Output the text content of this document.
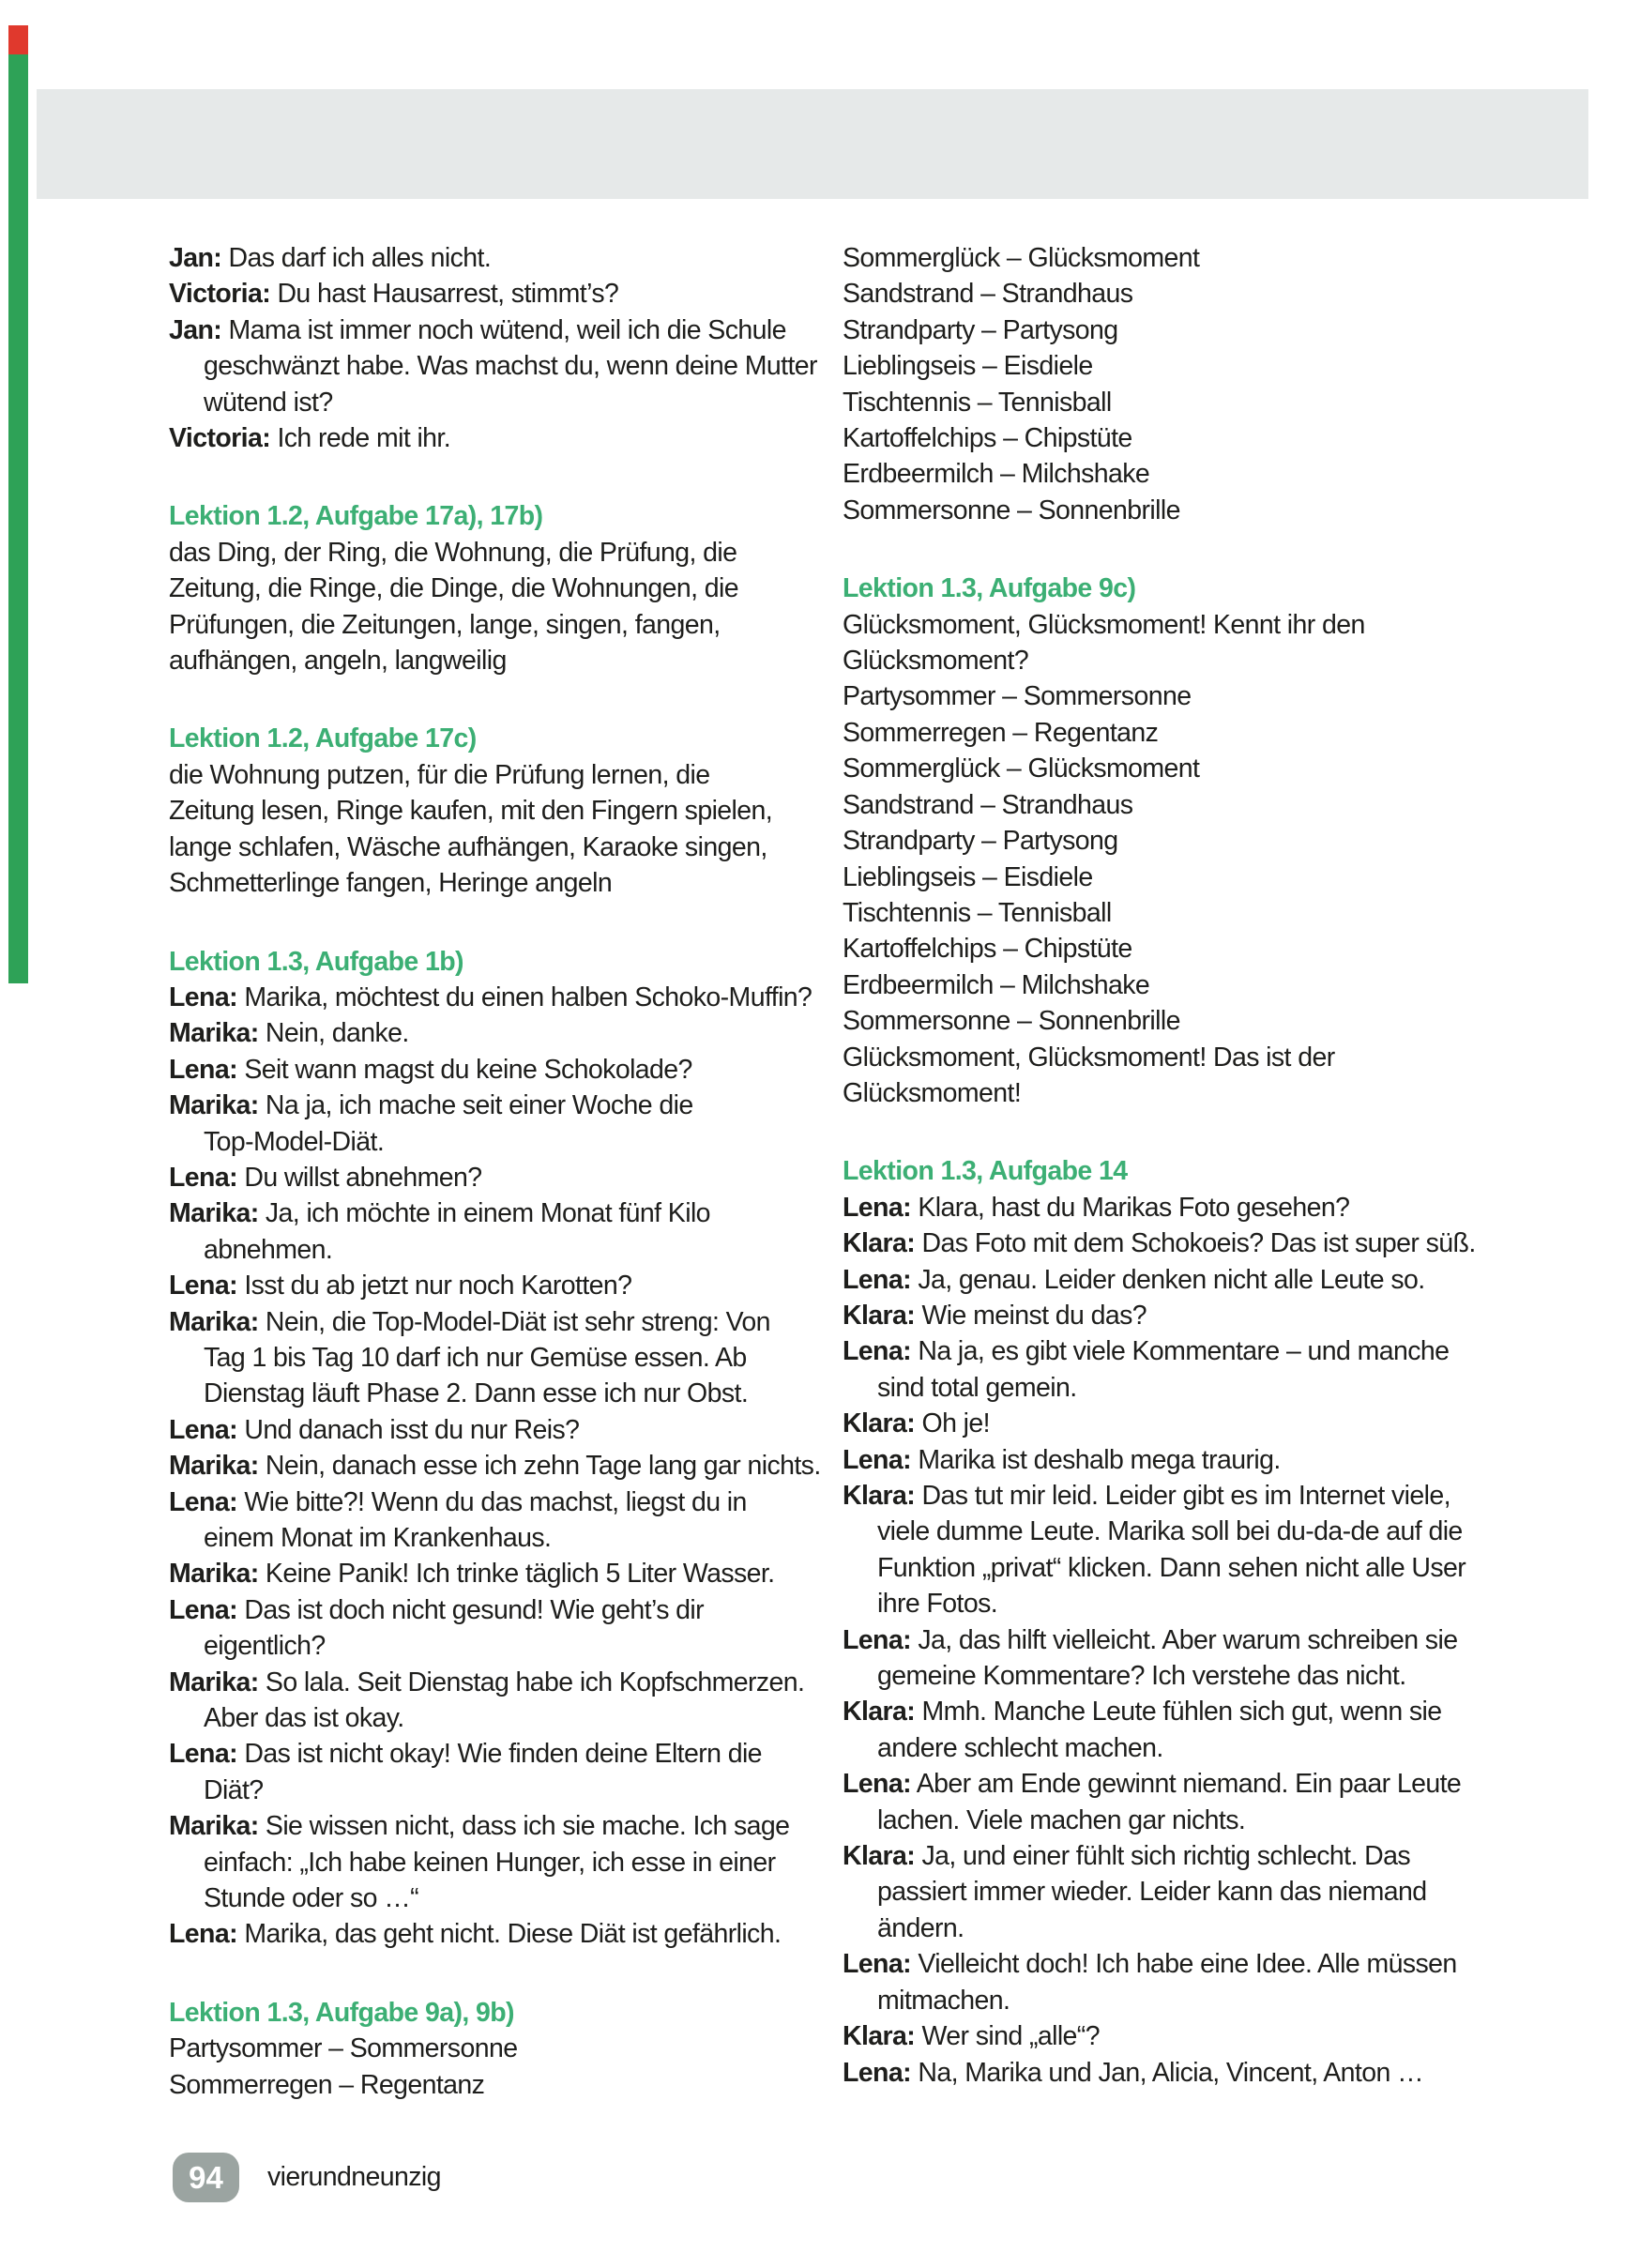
Jan: Das darf ich alles nicht.

Victoria: Du hast Hausarrest, stimmt’s?

Jan: Mama ist immer noch wütend, weil ich die Schule

geschwänzt habe. Was machst du, wenn deine Mutter

wütend ist?

Victoria: Ich rede mit ihr.

Lektion 1.2, Aufgabe 17a), 17b)

das Ding, der Ring, die Wohnung, die Prüfung, die

Zeitung, die Ringe, die Dinge, die Wohnungen, die

Prüfungen, die Zeitungen, lange, singen, fangen,

aufhängen, angeln, langweilig

Lektion 1.2, Aufgabe 17c)

die Wohnung putzen, für die Prüfung lernen, die

Zeitung lesen, Ringe kaufen, mit den Fingern spielen,

lange schlafen, Wäsche aufhängen, Karaoke singen,

Schmetterlinge fangen, Heringe angeln

Lektion 1.3, Aufgabe 1b)

Lena: Marika, möchtest du einen halben Schoko-Muffin?

Marika: Nein, danke.

Lena: Seit wann magst du keine Schokolade?

Marika: Na ja, ich mache seit einer Woche die

Top-Model-Diät.

Lena: Du willst abnehmen?

Marika: Ja, ich möchte in einem Monat fünf Kilo

abnehmen.

Lena: Isst du ab jetzt nur noch Karotten?

Marika: Nein, die Top-Model-Diät ist sehr streng: Von

Tag 1 bis Tag 10 darf ich nur Gemüse essen. Ab

Dienstag läuft Phase 2. Dann esse ich nur Obst.

Lena: Und danach isst du nur Reis?

Marika: Nein, danach esse ich zehn Tage lang gar nichts.

Lena: Wie bitte?! Wenn du das machst, liegst du in

einem Monat im Krankenhaus.

Marika: Keine Panik! Ich trinke täglich 5 Liter Wasser.

Lena: Das ist doch nicht gesund! Wie geht’s dir

eigentlich?

Marika: So lala. Seit Dienstag habe ich Kopfschmerzen.

Aber das ist okay.

Lena: Das ist nicht okay! Wie finden deine Eltern die

Diät?

Marika: Sie wissen nicht, dass ich sie mache. Ich sage

einfach: „Ich habe keinen Hunger, ich esse in einer

Stunde oder so …“

Lena: Marika, das geht nicht. Diese Diät ist gefährlich.

Lektion 1.3, Aufgabe 9a), 9b)

Partysommer – Sommersonne

Sommerregen – Regentanz

Sommerglück – Glücksmoment

Sandstrand – Strandhaus

Strandparty – Partysong

Lieblingseis – Eisdiele

Tischtennis – Tennisball

Kartoffelchips – Chipstüte

Erdbeermilch – Milchshake

Sommersonne – Sonnenbrille

Lektion 1.3, Aufgabe 9c)

Glücksmoment, Glücksmoment! Kennt ihr den

Glücksmoment?

Partysommer – Sommersonne

Sommerregen – Regentanz

Sommerglück – Glücksmoment

Sandstrand – Strandhaus

Strandparty – Partysong

Lieblingseis – Eisdiele

Tischtennis – Tennisball

Kartoffelchips – Chipstüte

Erdbeermilch – Milchshake

Sommersonne – Sonnenbrille

Glücksmoment, Glücksmoment! Das ist der

Glücksmoment!

Lektion 1.3, Aufgabe 14

Lena: Klara, hast du Marikas Foto gesehen?

Klara: Das Foto mit dem Schokoeis? Das ist super süß.

Lena: Ja, genau. Leider denken nicht alle Leute so.

Klara: Wie meinst du das?

Lena: Na ja, es gibt viele Kommentare – und manche

sind total gemein.

Klara: Oh je!

Lena: Marika ist deshalb mega traurig.

Klara: Das tut mir leid. Leider gibt es im Internet viele,

viele dumme Leute. Marika soll bei du-da-de auf die

Funktion „privat“ klicken. Dann sehen nicht alle User

ihre Fotos.

Lena: Ja, das hilft vielleicht. Aber warum schreiben sie

gemeine Kommentare? Ich verstehe das nicht.

Klara: Mmh. Manche Leute fühlen sich gut, wenn sie

andere schlecht machen.

Lena: Aber am Ende gewinnt niemand. Ein paar Leute

lachen. Viele machen gar nichts.

Klara: Ja, und einer fühlt sich richtig schlecht. Das

passiert immer wieder. Leider kann das niemand

ändern.

Lena: Vielleicht doch! Ich habe eine Idee. Alle müssen

mitmachen.

Klara: Wer sind „alle“?

Lena: Na, Marika und Jan, Alicia, Vincent, Anton …

94 vierundneunzig
